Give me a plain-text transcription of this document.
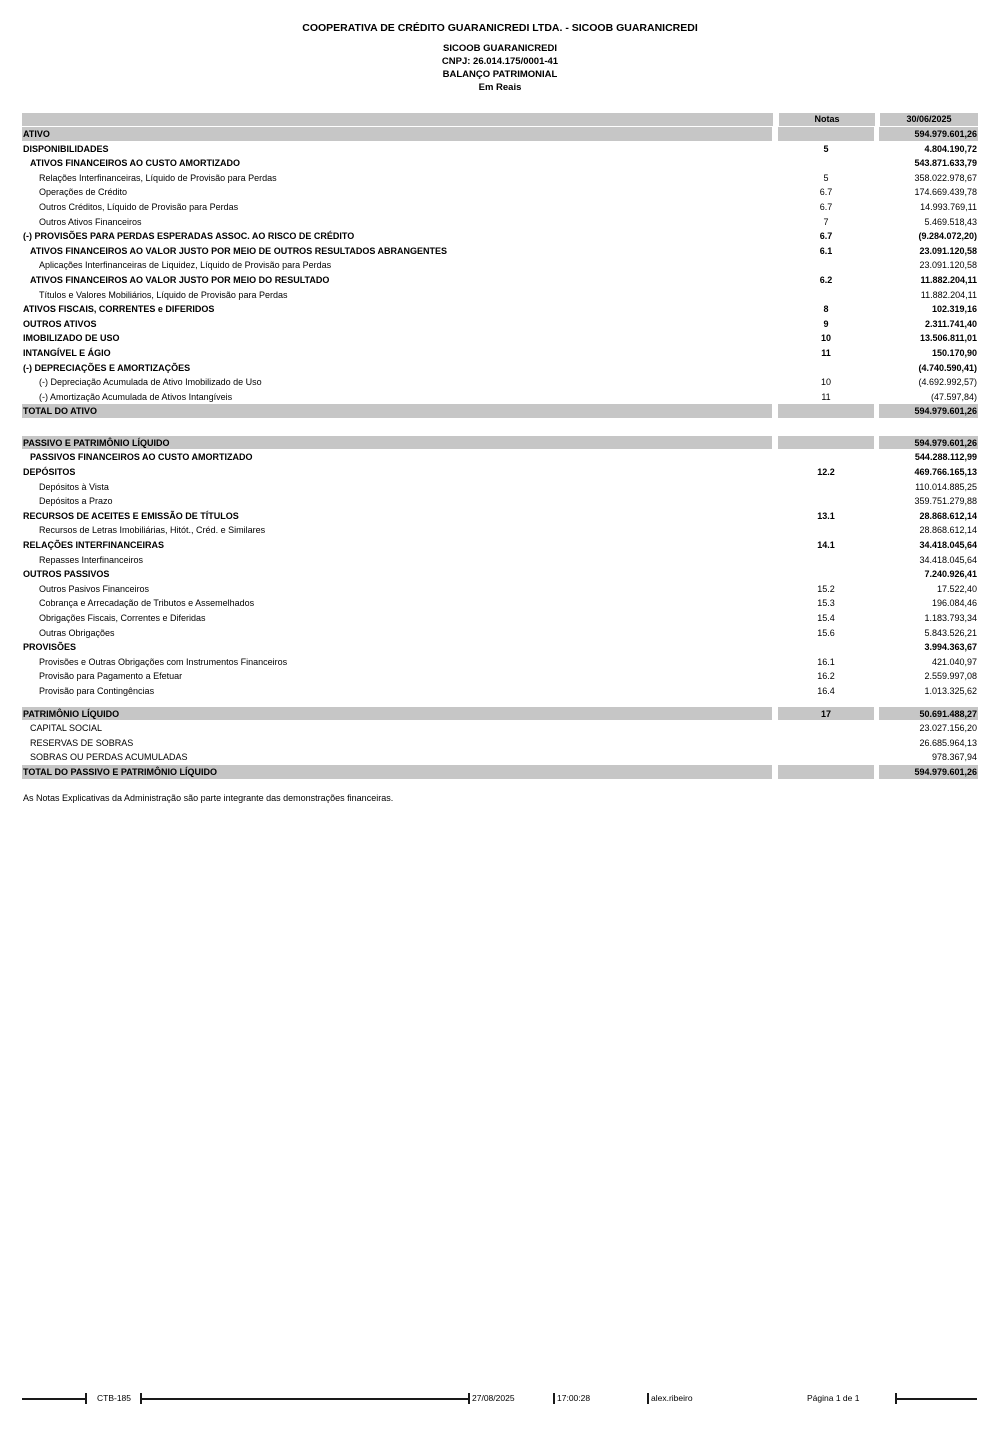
COOPERATIVA DE CRÉDITO GUARANICREDI LTDA. - SICOOB GUARANICREDI
SICOOB GUARANICREDI
CNPJ: 26.014.175/0001-41
BALANÇO PATRIMONIAL
Em Reais
Notas	30/06/2025
ATIVO	594.979.601,26
DISPONIBILIDADES	5	4.804.190,72
ATIVOS FINANCEIROS AO CUSTO AMORTIZADO	543.871.633,79
Relações Interfinanceiras, Líquido de Provisão para Perdas	5	358.022.978,67
Operações de Crédito	6.7	174.669.439,78
Outros Créditos, Líquido de Provisão para Perdas	6.7	14.993.769,11
Outros Ativos Financeiros	7	5.469.518,43
(-) PROVISÕES PARA PERDAS ESPERADAS ASSOC. AO RISCO DE CRÉDITO	6.7	(9.284.072,20)
ATIVOS FINANCEIROS AO VALOR JUSTO POR MEIO DE OUTROS RESULTADOS ABRANGENTES	6.1	23.091.120,58
Aplicações Interfinanceiras de Liquidez, Líquido de Provisão para Perdas	23.091.120,58
ATIVOS FINANCEIROS AO VALOR JUSTO POR MEIO DO RESULTADO	6.2	11.882.204,11
Títulos e Valores Mobiliários, Líquido de Provisão para Perdas	11.882.204,11
ATIVOS FISCAIS, CORRENTES e DIFERIDOS	8	102.319,16
OUTROS ATIVOS	9	2.311.741,40
IMOBILIZADO DE USO	10	13.506.811,01
INTANGÍVEL E ÁGIO	11	150.170,90
(-) DEPRECIAÇÕES E AMORTIZAÇÕES	(4.740.590,41)
(-) Depreciação Acumulada de Ativo Imobilizado de Uso	10	(4.692.992,57)
(-) Amortização Acumulada de Ativos Intangíveis	11	(47.597,84)
TOTAL DO ATIVO	594.979.601,26
PASSIVO E PATRIMÔNIO LÍQUIDO	594.979.601,26
PASSIVOS FINANCEIROS AO CUSTO AMORTIZADO	544.288.112,99
DEPÓSITOS	12.2	469.766.165,13
Depósitos à Vista	110.014.885,25
Depósitos a Prazo	359.751.279,88
RECURSOS DE ACEITES E EMISSÃO DE TÍTULOS	13.1	28.868.612,14
Recursos de Letras Imobiliárias, Hitót., Créd. e Similares	28.868.612,14
RELAÇÕES INTERFINANCEIRAS	14.1	34.418.045,64
Repasses Interfinanceiros	34.418.045,64
OUTROS PASSIVOS	7.240.926,41
Outros Pasivos Financeiros	15.2	17.522,40
Cobrança e Arrecadação de Tributos e Assemelhados	15.3	196.084,46
Obrigações Fiscais, Correntes e Diferidas	15.4	1.183.793,34
Outras Obrigações	15.6	5.843.526,21
PROVISÕES	3.994.363,67
Provisões e Outras Obrigações com Instrumentos Financeiros	16.1	421.040,97
Provisão para Pagamento a Efetuar	16.2	2.559.997,08
Provisão para Contingências	16.4	1.013.325,62
PATRIMÔNIO LÍQUIDO	17	50.691.488,27
CAPITAL SOCIAL	23.027.156,20
RESERVAS DE SOBRAS	26.685.964,13
SOBRAS OU PERDAS ACUMULADAS	978.367,94
TOTAL DO PASSIVO E PATRIMÔNIO LÍQUIDO	594.979.601,26
As Notas Explicativas da Administração são parte integrante das demonstrações financeiras.
CTB-185	27/08/2025	17:00:28	alex.ribeiro	Página 1 de 1
